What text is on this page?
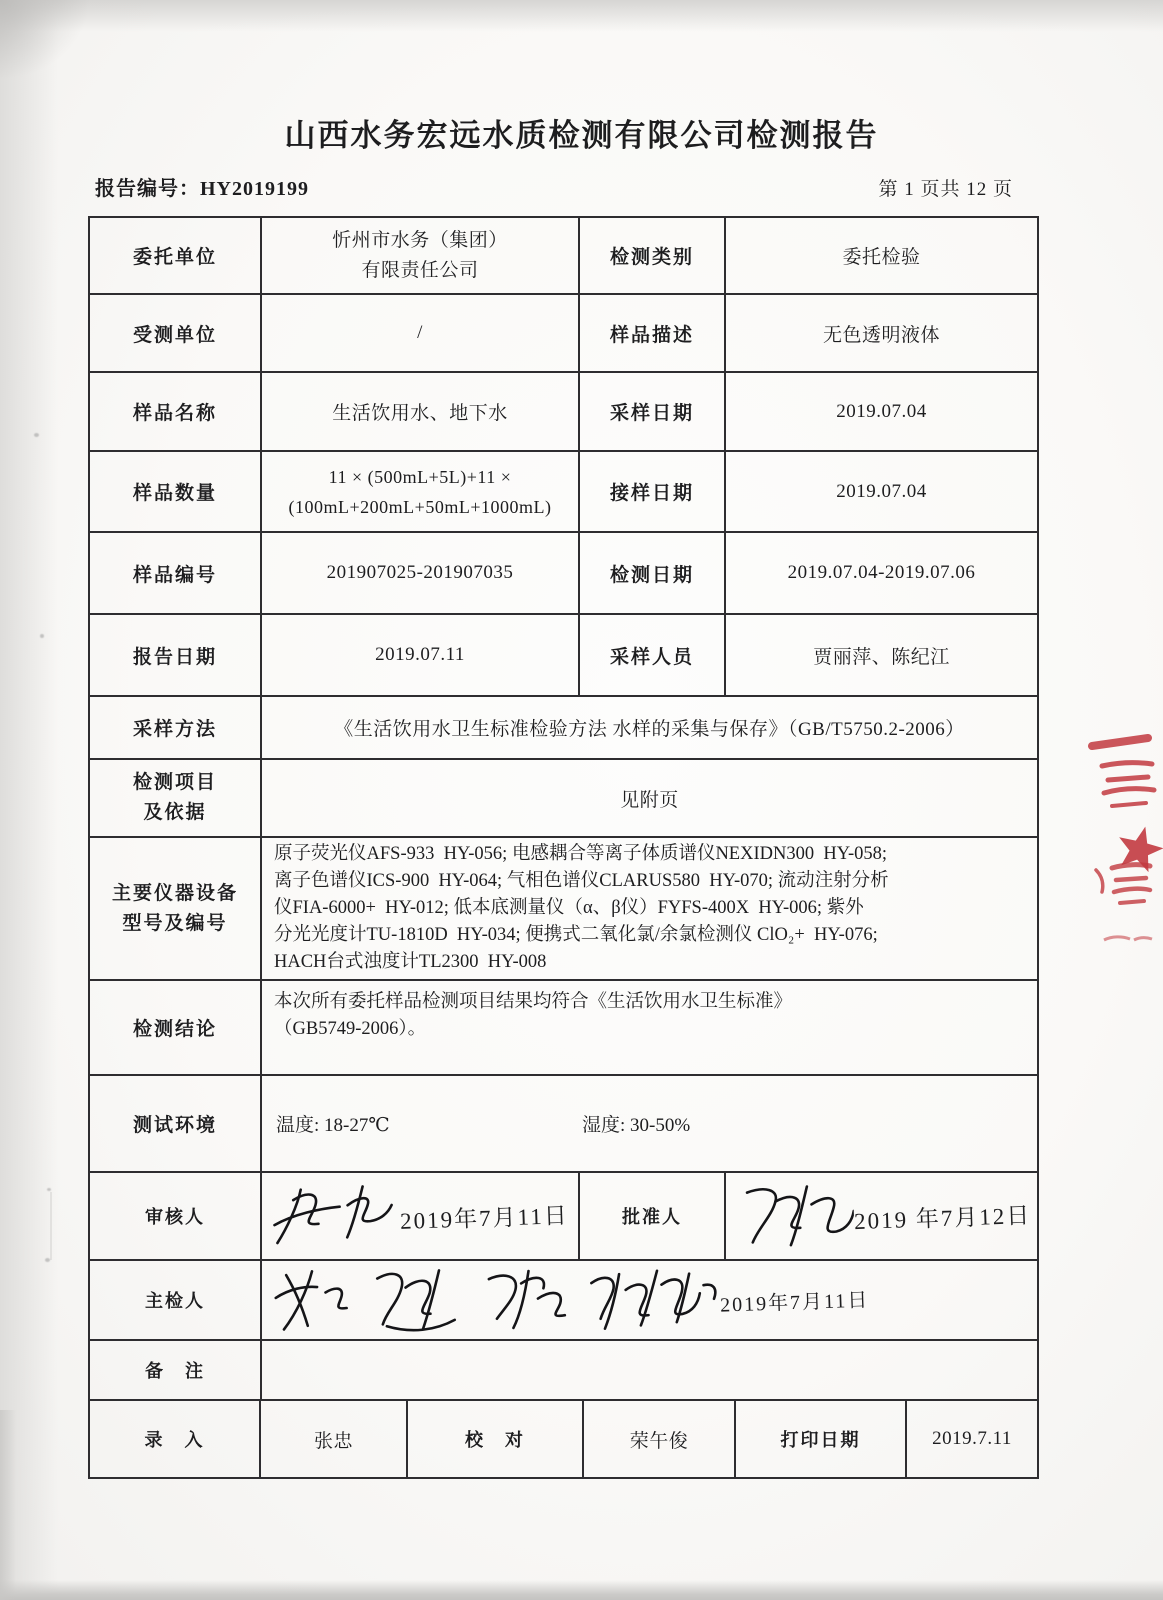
山西水务宏远水质检测有限公司检测报告
报告编号：HY2019199	第 1 页共 12 页
委托单位	忻州市水务（集团）
有限责任公司	检测类别	委托检验
受测单位	/	样品描述	无色透明液体
样品名称	生活饮用水、地下水	采样日期	2019.07.04
样品数量	11 × (500mL+5L)+11 ×
(100mL+200mL+50mL+1000mL)	接样日期	2019.07.04
样品编号	201907025-201907035	检测日期	2019.07.04-2019.07.06
报告日期	2019.07.11	采样人员	贾丽萍、陈纪江
采样方法	《生活饮用水卫生标准检验方法 水样的采集与保存》（GB/T5750.2-2006）		

检测项目
及依据	见附页		

主要仪器设备
型号及编号

原子荧光仪AFS-933  HY-056; 电感耦合等离子体质谱仪NEXIDN300  HY-058;
离子色谱仪ICS-900  HY-064; 气相色谱仪CLARUS580  HY-070; 流动注射分析
仪FIA-6000+  HY-012; 低本底测量仪（α、β仪）FYFS-400X  HY-006; 紫外
分光光度计TU-1810D  HY-034; 便携式二氧化氯/余氯检测仪 ClO₂+  HY-076;
HACH台式浊度计TL2300  HY-008

检测结论	本次所有委托样品检测项目结果均符合《生活饮用水卫生标准》
（GB5749-2006）。		

测试环境	温度: 18-27℃ 湿度: 30-50%		

审核人	2019年7月11日	批准人	2019 年7月12日

主检人	2019年7月11日		

备　注			
录　入	张忠	校　对	荣午俊	打印日期	2019.7.11
